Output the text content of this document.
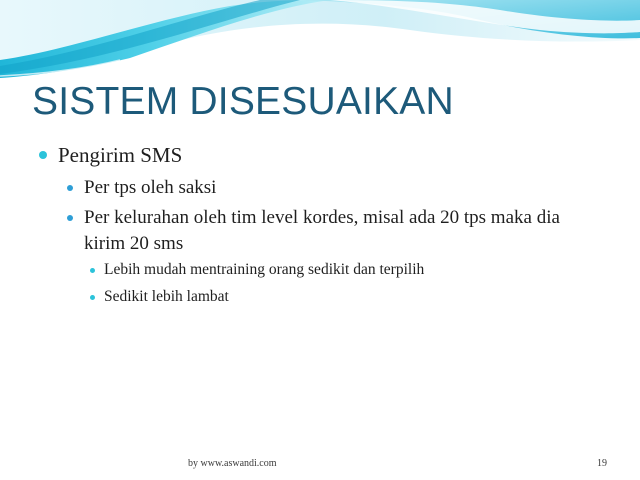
SISTEM DISESUAIKAN
Pengirim SMS
Per tps oleh saksi
Per kelurahan oleh tim level kordes, misal ada 20 tps maka dia kirim 20 sms
Lebih mudah mentraining orang sedikit dan terpilih
Sedikit lebih lambat
by www.aswandi.com	19
